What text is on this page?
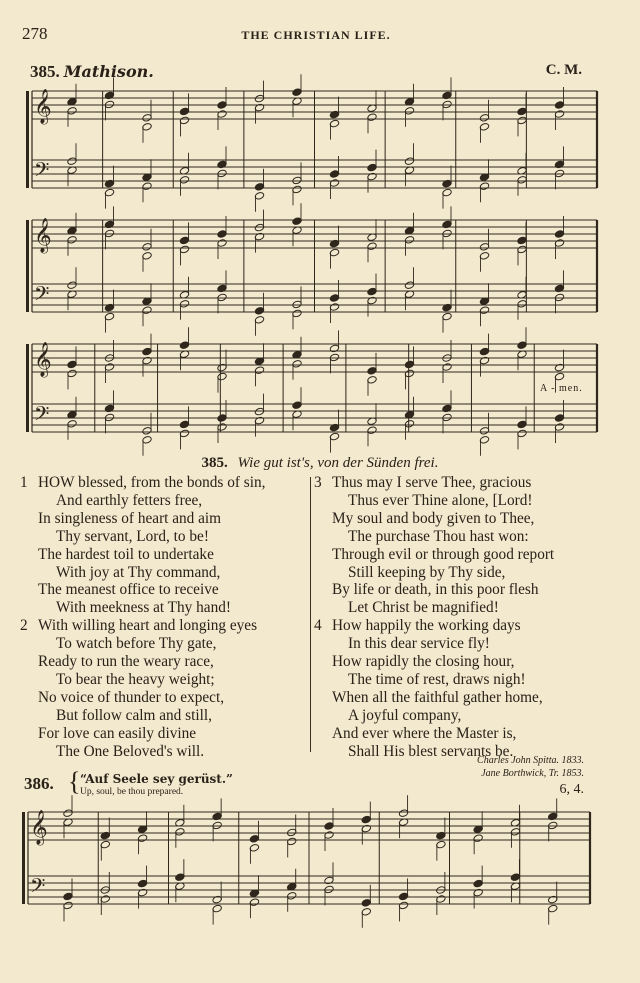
278	THE CHRISTIAN LIFE.
385. Mathison.	C. M.
𝄞
𝄢
𝄞
𝄢
𝄞
𝄢
𝄞
𝄢
A - men.
385. Wie gut ist's, von der Sünden frei.
1 HOW blessed, from the bonds of sin,
And earthly fetters free,
In singleness of heart and aim
Thy servant, Lord, to be!
The hardest toil to undertake
With joy at Thy command,
The meanest office to receive
With meekness at Thy hand!
2 With willing heart and longing eyes
To watch before Thy gate,
Ready to run the weary race,
To bear the heavy weight;
No voice of thunder to expect,
But follow calm and still,
For love can easily divine
The One Beloved's will.
3 Thus may I serve Thee, gracious
Thus ever Thine alone, [Lord!
My soul and body given to Thee,
The purchase Thou hast won:
Through evil or through good report
Still keeping by Thy side,
By life or death, in this poor flesh
Let Christ be magnified!
4 How happily the working days
In this dear service fly!
How rapidly the closing hour,
The time of rest, draws nigh!
When all the faithful gather home,
A joyful company,
And ever where the Master is,
Shall His blest servants be.
Charles John Spitta. 1833.
Jane Borthwick, Tr. 1853.
386. { “Auf Seele sey gerüst.”
Up, soul, be thou prepared.	6, 4.
